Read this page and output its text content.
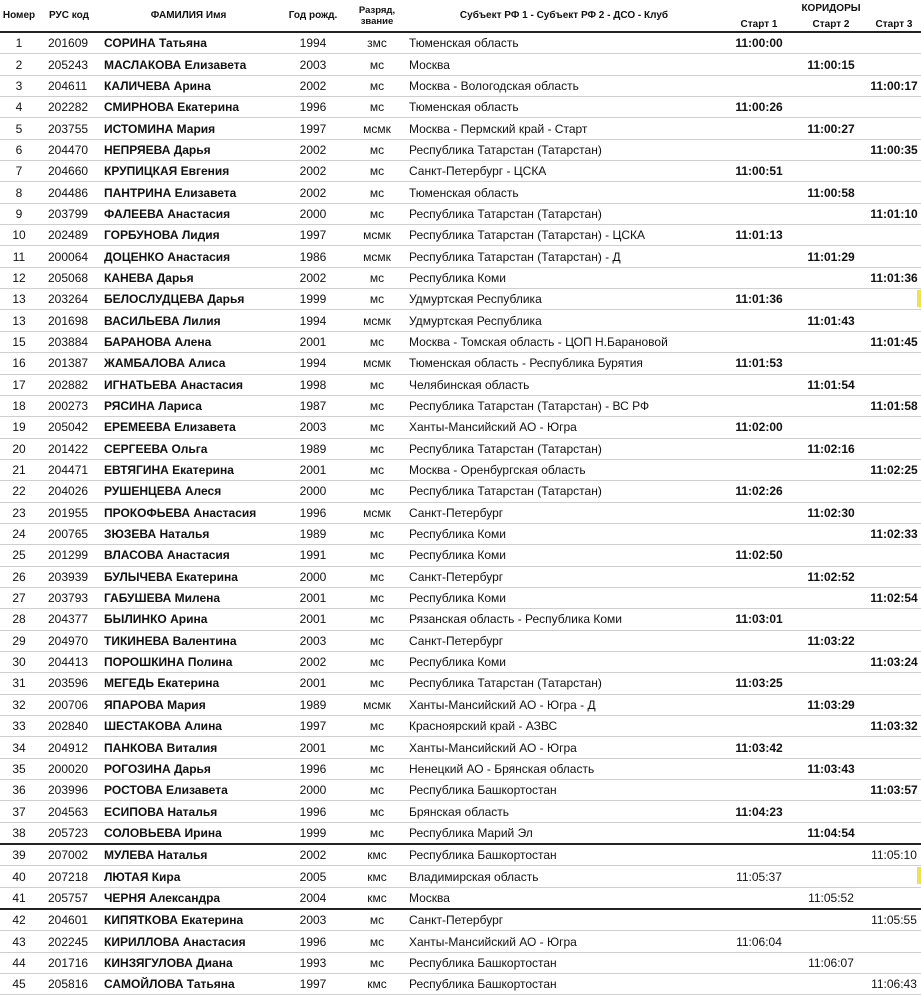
Номер	РУС код	ФАМИЛИЯ Имя	Год рожд.	Разряд, звание	Субъект РФ 1 - Субъект РФ 2 - ДСО - Клуб	Старт 1	КОРИДОРЫ
Старт 2	Старт 3
1	201609	СОРИНА Татьяна	1994	змс	Тюменская область	11:00:00		
2	205243	МАСЛАКОВА Елизавета	2003	мс	Москва		11:00:15	
3	204611	КАЛИЧЕВА Арина	2002	мс	Москва - Вологодская область			11:00:17
4	202282	СМИРНОВА Екатерина	1996	мс	Тюменская область	11:00:26		
5	203755	ИСТОМИНА Мария	1997	мсмк	Москва - Пермский край - Старт		11:00:27	
6	204470	НЕПРЯЕВА Дарья	2002	мс	Республика Татарстан (Татарстан)			11:00:35
7	204660	КРУПИЦКАЯ Евгения	2002	мс	Санкт-Петербург - ЦСКА	11:00:51		
8	204486	ПАНТРИНА Елизавета	2002	мс	Тюменская область		11:00:58	
9	203799	ФАЛЕЕВА Анастасия	2000	мс	Республика Татарстан (Татарстан)			11:01:10
10	202489	ГОРБУНОВА Лидия	1997	мсмк	Республика Татарстан (Татарстан) - ЦСКА	11:01:13		
11	200064	ДОЦЕНКО Анастасия	1986	мсмк	Республика Татарстан (Татарстан) - Д		11:01:29	
12	205068	КАНЕВА Дарья	2002	мс	Республика Коми			11:01:36
13	203264	БЕЛОСЛУДЦЕВА Дарья	1999	мс	Удмуртская Республика	11:01:36		

13	201698	ВАСИЛЬЕВА Лилия	1994	мсмк	Удмуртская Республика		11:01:43	
15	203884	БАРАНОВА Алена	2001	мс	Москва - Томская область - ЦОП Н.Барановой			11:01:45
16	201387	ЖАМБАЛОВА Алиса	1994	мсмк	Тюменская область - Республика Бурятия	11:01:53		
17	202882	ИГНАТЬЕВА Анастасия	1998	мс	Челябинская область		11:01:54	
18	200273	РЯСИНА Лариса	1987	мс	Республика Татарстан (Татарстан) - ВС РФ			11:01:58
19	205042	ЕРЕМЕЕВА Елизавета	2003	мс	Ханты-Мансийский АО - Югра	11:02:00		
20	201422	СЕРГЕЕВА Ольга	1989	мс	Республика Татарстан (Татарстан)		11:02:16	
21	204471	ЕВТЯГИНА Екатерина	2001	мс	Москва - Оренбургская область			11:02:25
22	204026	РУШЕНЦЕВА Алеся	2000	мс	Республика Татарстан (Татарстан)	11:02:26		
23	201955	ПРОКОФЬЕВА Анастасия	1996	мсмк	Санкт-Петербург		11:02:30	
24	200765	ЗЮЗЕВА Наталья	1989	мс	Республика Коми			11:02:33
25	201299	ВЛАСОВА Анастасия	1991	мс	Республика Коми	11:02:50		
26	203939	БУЛЫЧЕВА Екатерина	2000	мс	Санкт-Петербург		11:02:52	
27	203793	ГАБУШЕВА Милена	2001	мс	Республика Коми			11:02:54
28	204377	БЫЛИНКО Арина	2001	мс	Рязанская область - Республика Коми	11:03:01		
29	204970	ТИКИНЕВА Валентина	2003	мс	Санкт-Петербург		11:03:22	
30	204413	ПОРОШКИНА Полина	2002	мс	Республика Коми			11:03:24
31	203596	МЕГЕДЬ Екатерина	2001	мс	Республика Татарстан (Татарстан)	11:03:25		
32	200706	ЯПАРОВА Мария	1989	мсмк	Ханты-Мансийский АО - Югра - Д		11:03:29	
33	202840	ШЕСТАКОВА Алина	1997	мс	Красноярский край - АЗВС			11:03:32
34	204912	ПАНКОВА Виталия	2001	мс	Ханты-Мансийский АО - Югра	11:03:42		
35	200020	РОГОЗИНА Дарья	1996	мс	Ненецкий АО - Брянская область		11:03:43	
36	203996	РОСТОВА Елизавета	2000	мс	Республика Башкортостан			11:03:57
37	204563	ЕСИПОВА Наталья	1996	мс	Брянская область	11:04:23		
38	205723	СОЛОВЬЕВА Ирина	1999	мс	Республика Марий Эл		11:04:54	
39	207002	МУЛЕВА Наталья	2002	кмс	Республика Башкортостан			11:05:10
40	207218	ЛЮТАЯ Кира	2005	кмс	Владимирская область	11:05:37		

41	205757	ЧЕРНЯ Александра	2004	кмс	Москва		11:05:52	
42	204601	КИПЯТКОВА Екатерина	2003	мс	Санкт-Петербург			11:05:55
43	202245	КИРИЛЛОВА Анастасия	1996	мс	Ханты-Мансийский АО - Югра	11:06:04		
44	201716	КИНЗЯГУЛОВА Диана	1993	мс	Республика Башкортостан		11:06:07	
45	205816	САМОЙЛОВА Татьяна	1997	кмс	Республика Башкортостан			11:06:43
